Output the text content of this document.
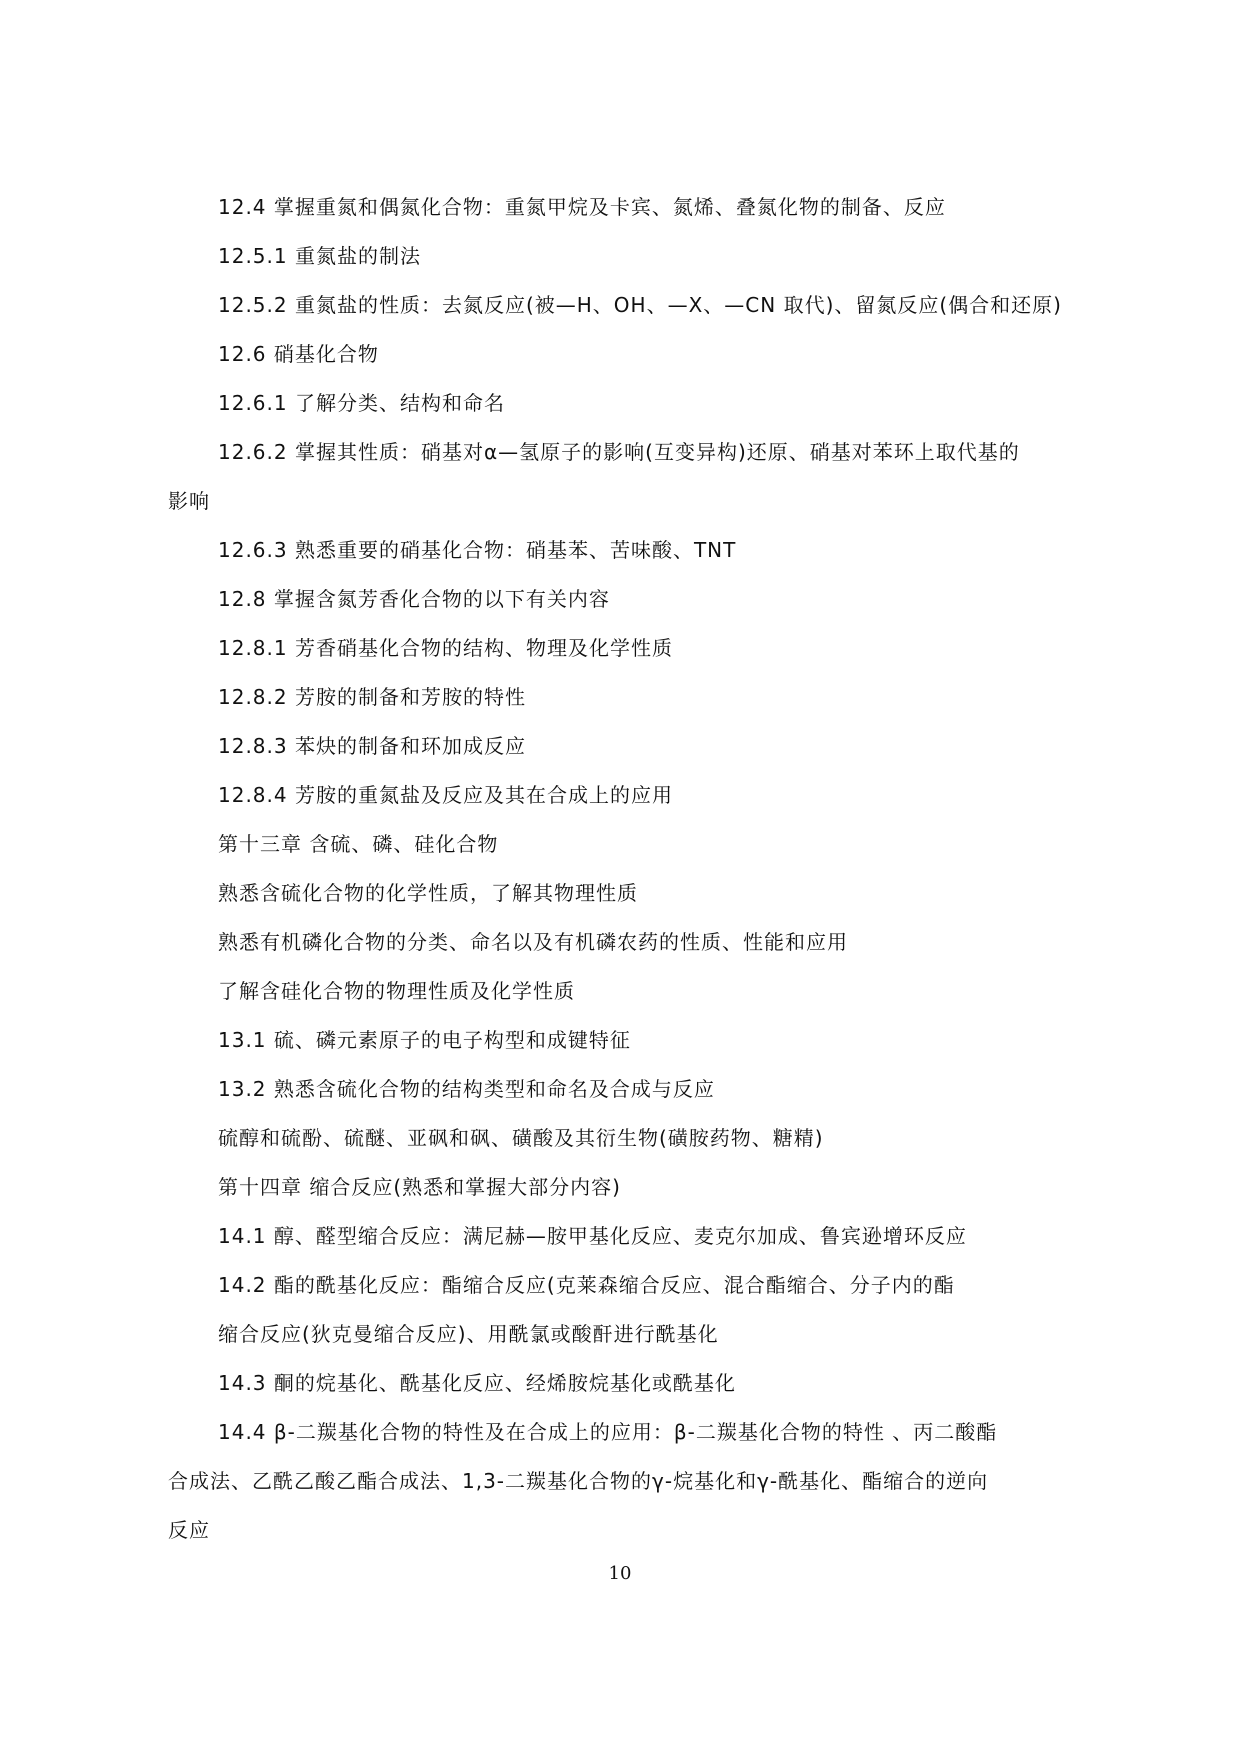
12.4 掌握重氮和偶氮化合物：重氮甲烷及卡宾、氮烯、叠氮化物的制备、反应

12.5.1 重氮盐的制法

12.5.2 重氮盐的性质：去氮反应(被—H、OH、—X、—CN 取代)、留氮反应(偶合和还原)

12.6 硝基化合物

12.6.1 了解分类、结构和命名

12.6.2 掌握其性质：硝基对α—氢原子的影响(互变异构)还原、硝基对苯环上取代基的

影响

12.6.3 熟悉重要的硝基化合物：硝基苯、苦味酸、TNT

12.8 掌握含氮芳香化合物的以下有关内容

12.8.1 芳香硝基化合物的结构、物理及化学性质

12.8.2 芳胺的制备和芳胺的特性

12.8.3 苯炔的制备和环加成反应

12.8.4 芳胺的重氮盐及反应及其在合成上的应用

第十三章 含硫、磷、硅化合物

熟悉含硫化合物的化学性质，了解其物理性质

熟悉有机磷化合物的分类、命名以及有机磷农药的性质、性能和应用

了解含硅化合物的物理性质及化学性质

13.1 硫、磷元素原子的电子构型和成键特征

13.2 熟悉含硫化合物的结构类型和命名及合成与反应

硫醇和硫酚、硫醚、亚砜和砜、磺酸及其衍生物(磺胺药物、糖精)

第十四章 缩合反应(熟悉和掌握大部分内容)

14.1 醇、醛型缩合反应：满尼赫—胺甲基化反应、麦克尔加成、鲁宾逊增环反应

14.2 酯的酰基化反应：酯缩合反应(克莱森缩合反应、混合酯缩合、分子内的酯

缩合反应(狄克曼缩合反应)、用酰氯或酸酐进行酰基化

14.3 酮的烷基化、酰基化反应、经烯胺烷基化或酰基化

14.4 β-二羰基化合物的特性及在合成上的应用：β-二羰基化合物的特性 、丙二酸酯

合成法、乙酰乙酸乙酯合成法、1,3-二羰基化合物的γ-烷基化和γ-酰基化、酯缩合的逆向

反应

10
